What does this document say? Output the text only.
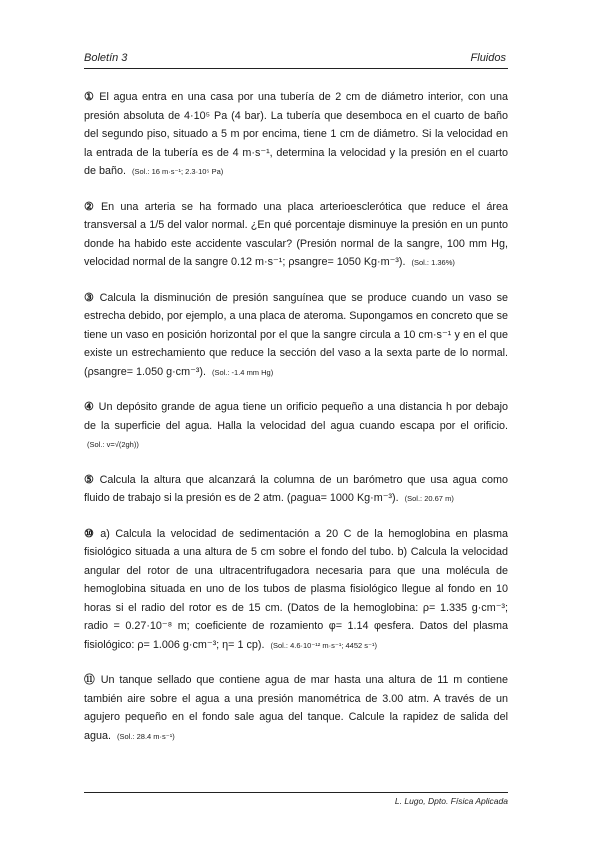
Boletín 3	Fluidos

① El agua entra en una casa por una tubería de 2 cm de diámetro interior, con una presión absoluta de 4·10⁵ Pa (4 bar). La tubería que desemboca en el cuarto de baño del segundo piso, situado a 5 m por encima, tiene 1 cm de diámetro. Si la velocidad en la entrada de la tubería es de 4 m·s⁻¹, determina la velocidad y la presión en el cuarto de baño. (Sol.: 16 m·s⁻¹; 2.3·10⁵ Pa)

② En una arteria se ha formado una placa arterioesclerótica que reduce el área transversal a 1/5 del valor normal. ¿En qué porcentaje disminuye la presión en un punto donde ha habido este accidente vascular? (Presión normal de la sangre, 100 mm Hg, velocidad normal de la sangre 0.12 m·s⁻¹; ρsangre= 1050 Kg·m⁻³). (Sol.: 1.36%)

③ Calcula la disminución de presión sanguínea que se produce cuando un vaso se estrecha debido, por ejemplo, a una placa de ateroma. Supongamos en concreto que se tiene un vaso en posición horizontal por el que la sangre circula a 10 cm·s⁻¹ y en el que existe un estrechamiento que reduce la sección del vaso a la sexta parte de lo normal. (ρsangre= 1.050 g·cm⁻³). (Sol.: -1.4 mm Hg)

④ Un depósito grande de agua tiene un orificio pequeño a una distancia h por debajo de la superficie del agua. Halla la velocidad del agua cuando escapa por el orificio. (Sol.: v=√(2gh))

⑤ Calcula la altura que alcanzará la columna de un barómetro que usa agua como fluido de trabajo si la presión es de 2 atm. (ρagua= 1000 Kg·m⁻³). (Sol.: 20.67 m)

⑩ a) Calcula la velocidad de sedimentación a 20 C de la hemoglobina en plasma fisiológico situada a una altura de 5 cm sobre el fondo del tubo. b) Calcula la velocidad angular del rotor de una ultracentrifugadora necesaria para que una molécula de hemoglobina situada en uno de los tubos de plasma fisiológico llegue al fondo en 10 horas si el radio del rotor es de 15 cm. (Datos de la hemoglobina: ρ= 1.335 g·cm⁻³; radio = 0.27·10⁻⁸ m; coeficiente de rozamiento φ= 1.14 φesfera. Datos del plasma fisiológico: ρ= 1.006 g·cm⁻³; η= 1 cp). (Sol.: 4.6·10⁻¹² m·s⁻¹; 4452 s⁻¹)

⑪ Un tanque sellado que contiene agua de mar hasta una altura de 11 m contiene también aire sobre el agua a una presión manométrica de 3.00 atm. A través de un agujero pequeño en el fondo sale agua del tanque. Calcule la rapidez de salida del agua. (Sol.: 28.4 m·s⁻¹)

L. Lugo, Dpto. Física Aplicada
